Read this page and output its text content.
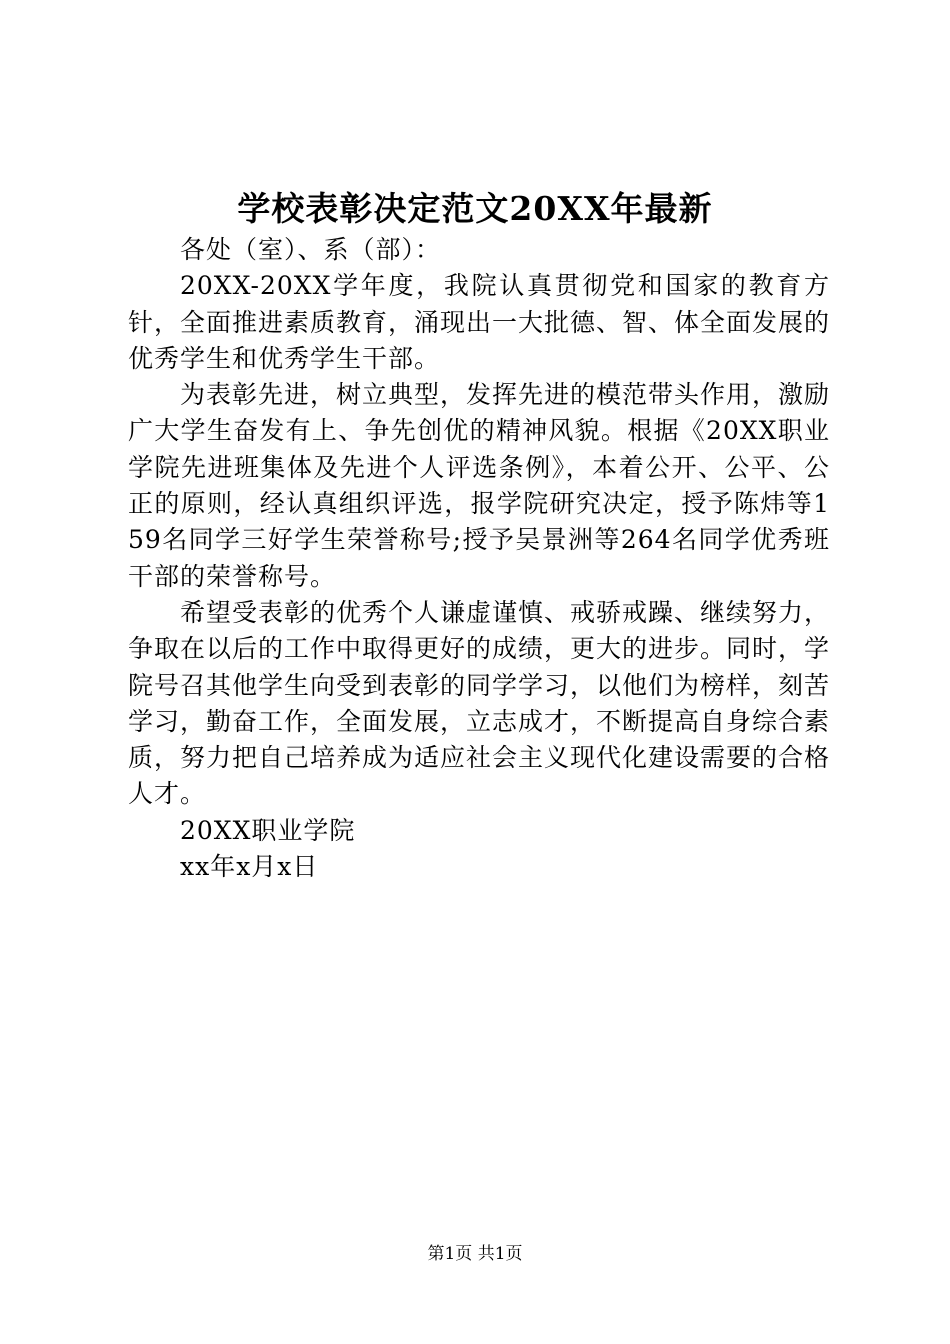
学校表彰决定范文20XX年最新

各处（室）、系（部）：

20XX-20XX学年度，我院认真贯彻党和国家的教育方针，全面推进素质教育，涌现出一大批德、智、体全面发展的优秀学生和优秀学生干部。

为表彰先进，树立典型，发挥先进的模范带头作用，激励广大学生奋发有上、争先创优的精神风貌。根据《20XX职业学院先进班集体及先进个人评选条例》，本着公开、公平、公正的原则，经认真组织评选，报学院研究决定，授予陈炜等159名同学三好学生荣誉称号;授予吴景洲等264名同学优秀班干部的荣誉称号。

希望受表彰的优秀个人谦虚谨慎、戒骄戒躁、继续努力，争取在以后的工作中取得更好的成绩，更大的进步。同时，学院号召其他学生向受到表彰的同学学习，以他们为榜样，刻苦学习，勤奋工作，全面发展，立志成才，不断提高自身综合素质，努力把自己培养成为适应社会主义现代化建设需要的合格人才。

20XX职业学院

xx年x月x日

第1页 共1页
